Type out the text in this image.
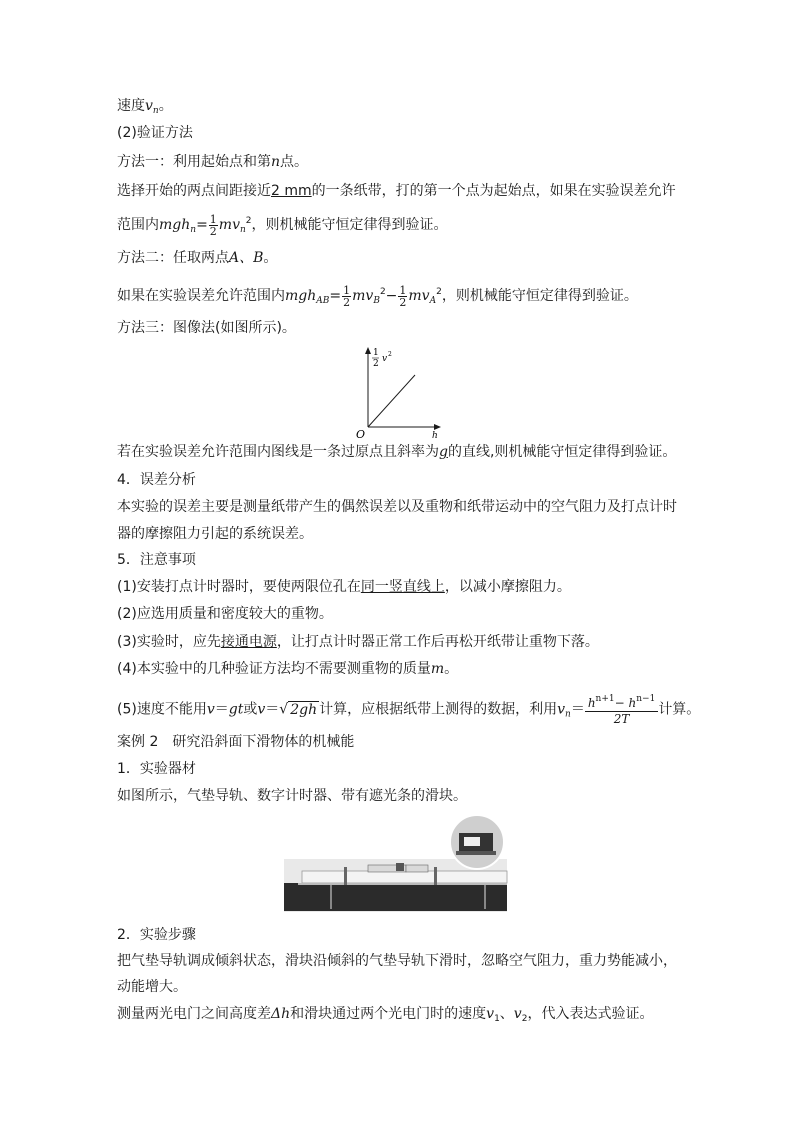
速度$v_n$。
(2)验证方法
方法一：利用起始点和第n点。
选择开始的两点间距接近2 mm的一条纸带，打的第一个点为起始点，如果在实验误差允许
范围内$mgh_n= \frac{1}{2} mv_n^2$，则机械能守恒定律得到验证。
方法二：任取两点A、B。
如果在实验误差允许范围内$mgh_{AB}= \frac{1}{2} mv_B^2- \frac{1}{2} mv_A^2$，则机械能守恒定律得到验证。
方法三：图像法(如图所示)。
1
2 v 2
O	h
若在实验误差允许范围内图线是一条过原点且斜率为g的直线,则机械能守恒定律得到验证。
4．误差分析
本实验的误差主要是测量纸带产生的偶然误差以及重物和纸带运动中的空气阻力及打点计时
器的摩擦阻力引起的系统误差。
5．注意事项
(1)安装打点计时器时，要使两限位孔在同一竖直线上，以减小摩擦阻力。
(2)应选用质量和密度较大的重物。
(3)实验时，应先接通电源，让打点计时器正常工作后再松开纸带让重物下落。
(4)本实验中的几种验证方法均不需要测重物的质量m。
(5)速度不能用v＝gt或v＝√ 2gh 计算，应根据纸带上测得的数据，利用$v_n= \frac{h^{n+1}- h^{n-1}}{2T}$ 计算。
案例 2 研究沿斜面下滑物体的机械能
1．实验器材
如图所示，气垫导轨、数字计时器、带有遮光条的滑块。
2．实验步骤
把气垫导轨调成倾斜状态，滑块沿倾斜的气垫导轨下滑时，忽略空气阻力，重力势能减小，
动能增大。
测量两光电门之间高度差Δh和滑块通过两个光电门时的速度$v_1$、$v_2$，代入表达式验证。
